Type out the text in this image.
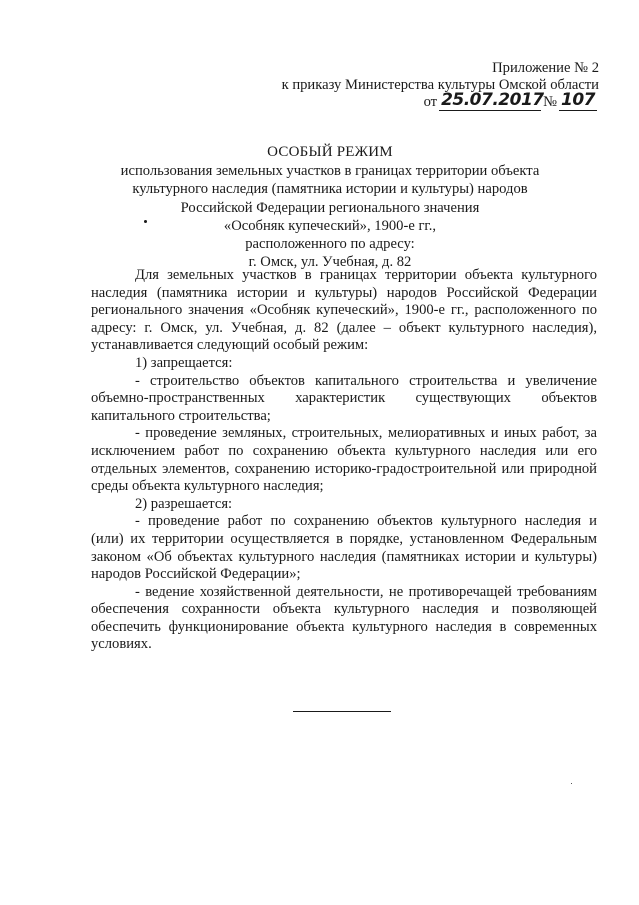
Приложение № 2
к приказу Министерства культуры Омской области
от 25.07.2017 № 107
ОСОБЫЙ РЕЖИМ
использования земельных участков в границах территории объекта
культурного наследия (памятника истории и культуры) народов
Российской Федерации регионального значения
«Особняк купеческий», 1900-е гг.,
расположенного по адресу:
г. Омск, ул. Учебная, д. 82

Для земельных участков в границах территории объекта культурного наследия (памятника истории и культуры) народов Российской Федерации регионального значения «Особняк купеческий», 1900-е гг., расположенного по адресу: г. Омск, ул. Учебная, д. 82 (далее – объект культурного наследия), устанавливается следующий особый режим:

1) запрещается:

- строительство объектов капитального строительства и увеличение объемно-пространственных характеристик существующих объектов капитального строительства;

- проведение земляных, строительных, мелиоративных и иных работ, за исключением работ по сохранению объекта культурного наследия или его отдельных элементов, сохранению историко-градостроительной или природной среды объекта культурного наследия;

2) разрешается:

- проведение работ по сохранению объектов культурного наследия и (или) их территории осуществляется в порядке, установленном Федеральным законом «Об объектах культурного наследия (памятниках истории и культуры) народов Российской Федерации»;

- ведение хозяйственной деятельности, не противоречащей требованиям обеспечения сохранности объекта культурного наследия и позволяющей обеспечить функционирование объекта культурного наследия в современных условиях.
